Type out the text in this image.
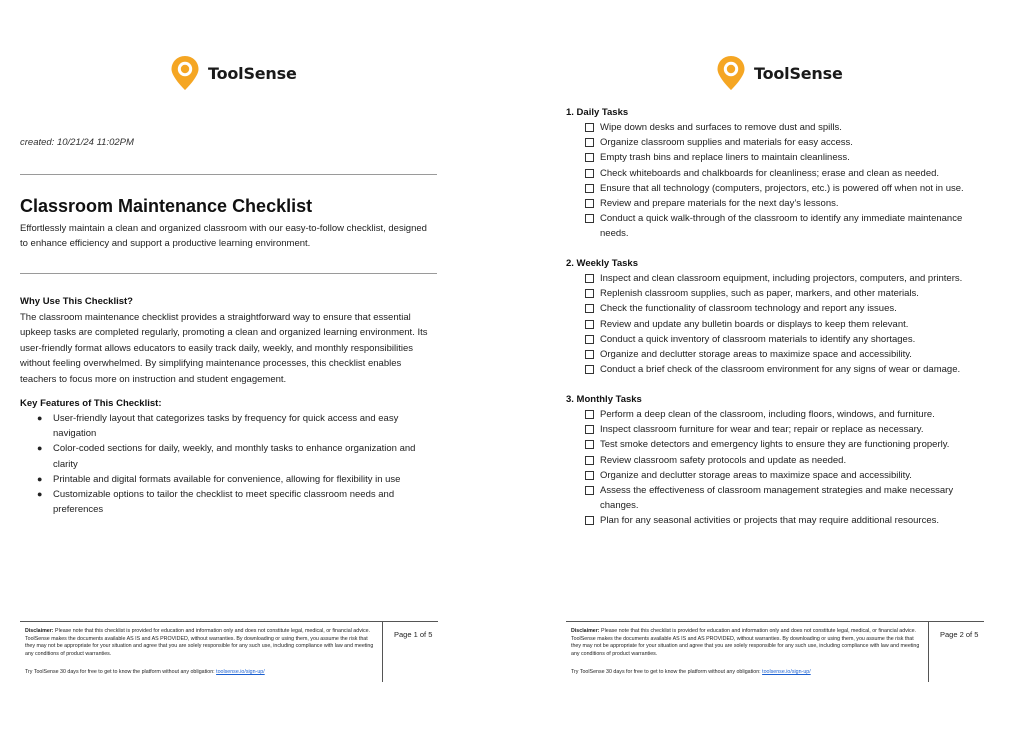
ToolSense
created: 10/21/24 11:02PM
Classroom Maintenance Checklist

Effortlessly maintain a clean and organized classroom with our easy-to-follow checklist, designed to enhance efficiency and support a productive learning environment.

Why Use This Checklist?

The classroom maintenance checklist provides a straightforward way to ensure that essential upkeep tasks are completed regularly, promoting a clean and organized learning environment. Its user-friendly format allows educators to easily track daily, weekly, and monthly responsibilities without feeling overwhelmed. By simplifying maintenance processes, this checklist enables teachers to focus more on instruction and student engagement.

Key Features of This Checklist:
● User-friendly layout that categorizes tasks by frequency for quick access and easy navigation
● Color-coded sections for daily, weekly, and monthly tasks to enhance organization and clarity
● Printable and digital formats available for convenience, allowing for flexibility in use
● Customizable options to tailor the checklist to meet specific classroom needs and preferences
Disclaimer: Please note that this checklist is provided for education and information only and does not constitute legal, medical, or financial advice. ToolSense makes the documents available AS IS and AS PROVIDED, without warranties. By downloading or using them, you assume the risk that they may not be appropriate for your situation and agree that you are solely responsible for any such use, including compliance with law and meeting any conditions of product warranties.
Try ToolSense 30 days for free to get to know the platform without any obligation: toolsense.io/sign-up/
Page 1 of 5
ToolSense
1. Daily Tasks
Wipe down desks and surfaces to remove dust and spills.
Organize classroom supplies and materials for easy access.
Empty trash bins and replace liners to maintain cleanliness.
Check whiteboards and chalkboards for cleanliness; erase and clean as needed.
Ensure that all technology (computers, projectors, etc.) is powered off when not in use.
Review and prepare materials for the next day’s lessons.
Conduct a quick walk-through of the classroom to identify any immediate maintenance needs.
2. Weekly Tasks
Inspect and clean classroom equipment, including projectors, computers, and printers.
Replenish classroom supplies, such as paper, markers, and other materials.
Check the functionality of classroom technology and report any issues.
Review and update any bulletin boards or displays to keep them relevant.
Conduct a quick inventory of classroom materials to identify any shortages.
Organize and declutter storage areas to maximize space and accessibility.
Conduct a brief check of the classroom environment for any signs of wear or damage.
3. Monthly Tasks
Perform a deep clean of the classroom, including floors, windows, and furniture.
Inspect classroom furniture for wear and tear; repair or replace as necessary.
Test smoke detectors and emergency lights to ensure they are functioning properly.
Review classroom safety protocols and update as needed.
Organize and declutter storage areas to maximize space and accessibility.
Assess the effectiveness of classroom management strategies and make necessary changes.
Plan for any seasonal activities or projects that may require additional resources.
Disclaimer: Please note that this checklist is provided for education and information only and does not constitute legal, medical, or financial advice. ToolSense makes the documents available AS IS and AS PROVIDED, without warranties. By downloading or using them, you assume the risk that they may not be appropriate for your situation and agree that you are solely responsible for any such use, including compliance with law and meeting any conditions of product warranties.
Try ToolSense 30 days for free to get to know the platform without any obligation: toolsense.io/sign-up/
Page 2 of 5
